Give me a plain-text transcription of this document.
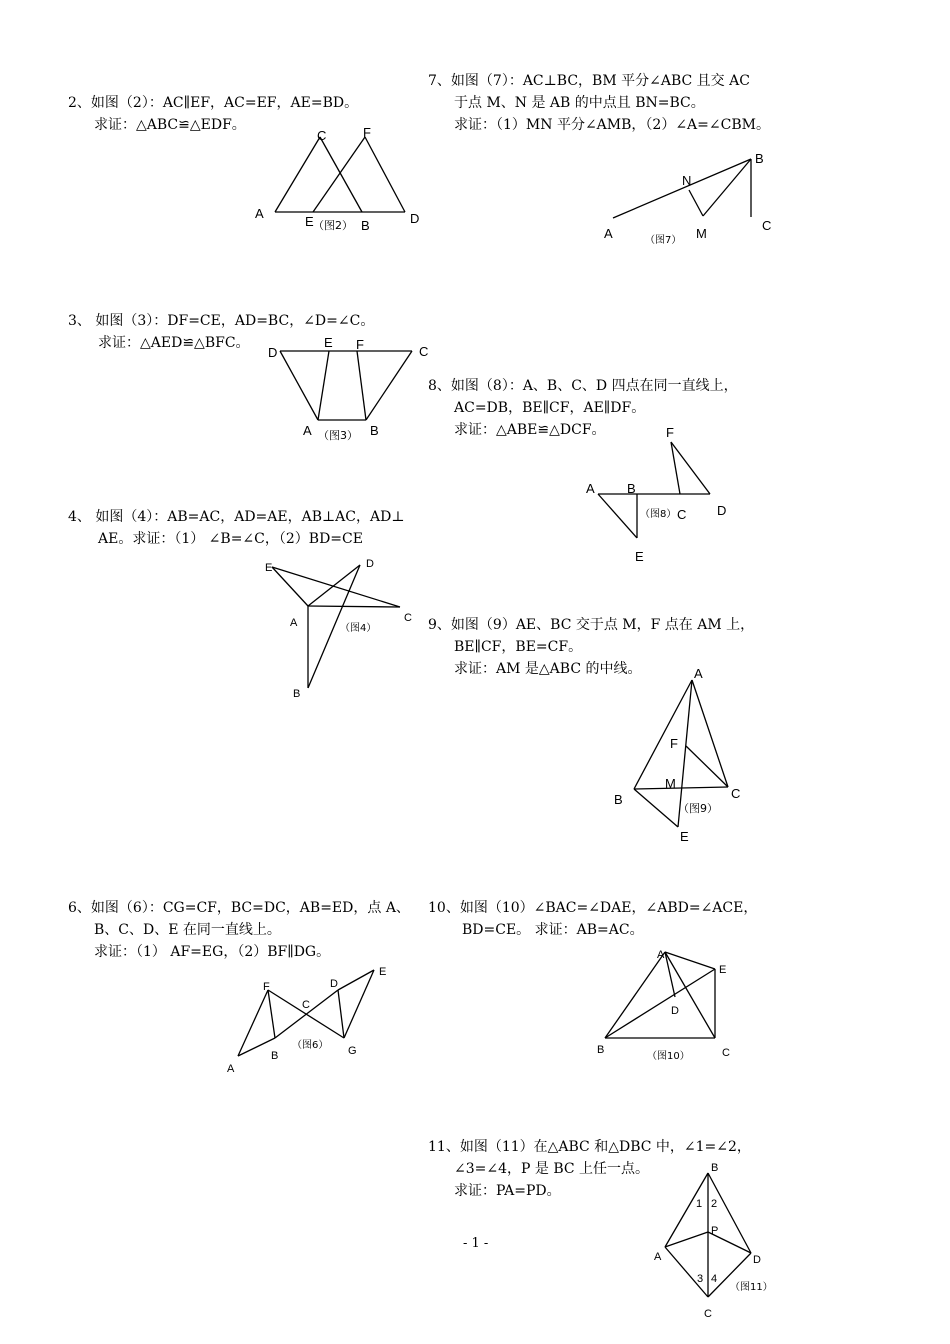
2、如图（2）：AC∥EF，AC=EF，AE=BD。
求证：△ABC≌△EDF。
A
C	F
E	B	D
（图2）
3、 如图（3）：DF=CE，AD=BC，∠D=∠C。
求证：△AED≌△BFC。
D
E F	C
A	B
（图3）
4、 如图（4）：AB=AC，AD=AE，AB⊥AC，AD⊥
AE。求证：（1） ∠B=∠C，（2）BD=CE
E	D
C
A
B
（图4）
6、如图（6）：CG=CF，BC=DC，AB=ED，点 A、
B、C、D、E 在同一直线上。
求证：（1） AF=EG，（2）BF∥DG。
A
B
F
C
D
E
G
（图6）
7、如图（7）：AC⊥BC，BM 平分∠ABC 且交 AC
于点 M、N 是 AB 的中点且 BN=BC。
求证：（1）MN 平分∠AMB，（2）∠A=∠CBM。
A
N
B
M
C
（图7）
8、如图（8）：A、B、C、D 四点在同一直线上，
AC=DB，BE∥CF，AE∥DF。
求证：△ABE≌△DCF。
A B
F
C D
E
（图8）
9、如图（9）AE、BC 交于点 M，F 点在 AM 上，
BE∥CF，BE=CF。
求证：AM 是△ABC 的中线。	A
F
M
B	C
E
（图9）
10、如图（10）∠BAC=∠DAE，∠ABD=∠ACE，
BD=CE。 求证：AB=AC。
A
E
D
B	C
（图10）
11、如图（11）在△ABC 和△DBC 中，∠1=∠2，
∠3=∠4，P 是 BC 上任一点。
求证：PA=PD。
B
1 2
P
A	D
3 4
C
（图11）
- 1 -
